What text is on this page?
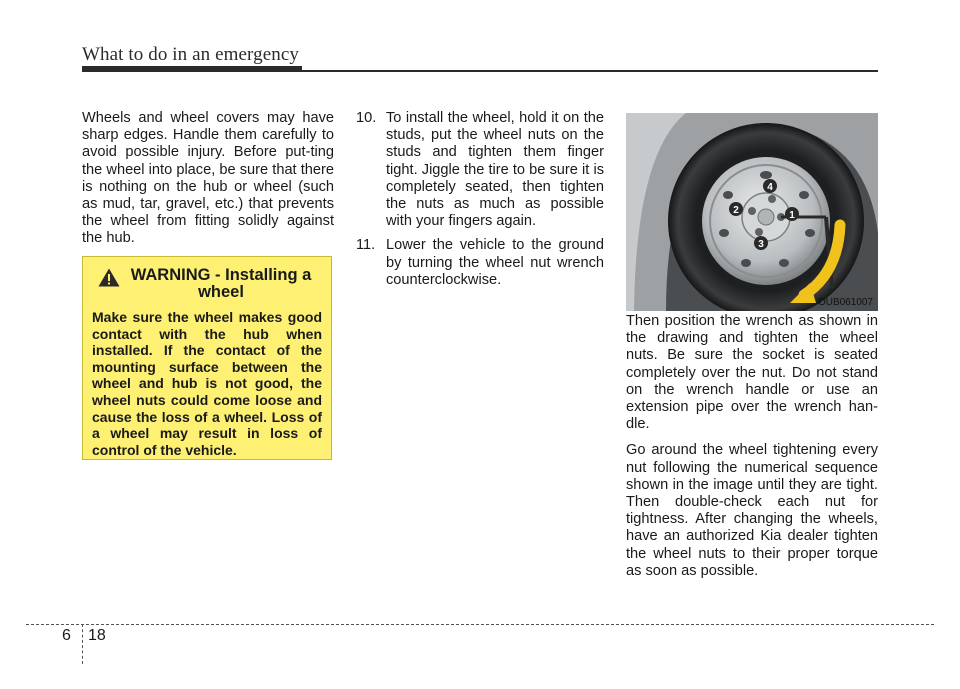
What to do in an emergency

Wheels and wheel covers may have sharp edges. Handle them carefully to avoid possible injury. Before put-ting the wheel into place, be sure that there is nothing on the hub or wheel (such as mud, tar, gravel, etc.) that prevents the wheel from fitting solidly against the hub.

WARNING - Installing a wheel

Make sure the wheel makes good contact with the hub when installed. If the contact of the mounting surface between the wheel and hub is not good, the wheel nuts could come loose and cause the loss of a wheel. Loss of a wheel may result in loss of control of the vehicle.

10. To install the wheel, hold it on the studs, put the wheel nuts on the studs and tighten them finger tight. Jiggle the tire to be sure it is completely seated, then tighten the nuts as much as possible with your fingers again.
11. Lower the vehicle to the ground by turning the wheel nut wrench counterclockwise.
1
2
3
4
OUB061007

Then position the wrench as shown in the drawing and tighten the wheel nuts. Be sure the socket is seated completely over the nut. Do not stand on the wrench handle or use an extension pipe over the wrench han-dle.

Go around the wheel tightening every nut following the numerical sequence shown in the image until they are tight. Then double-check each nut for tightness. After changing the wheels, have an authorized Kia dealer tighten the wheel nuts to their proper torque as soon as possible.

6 18
